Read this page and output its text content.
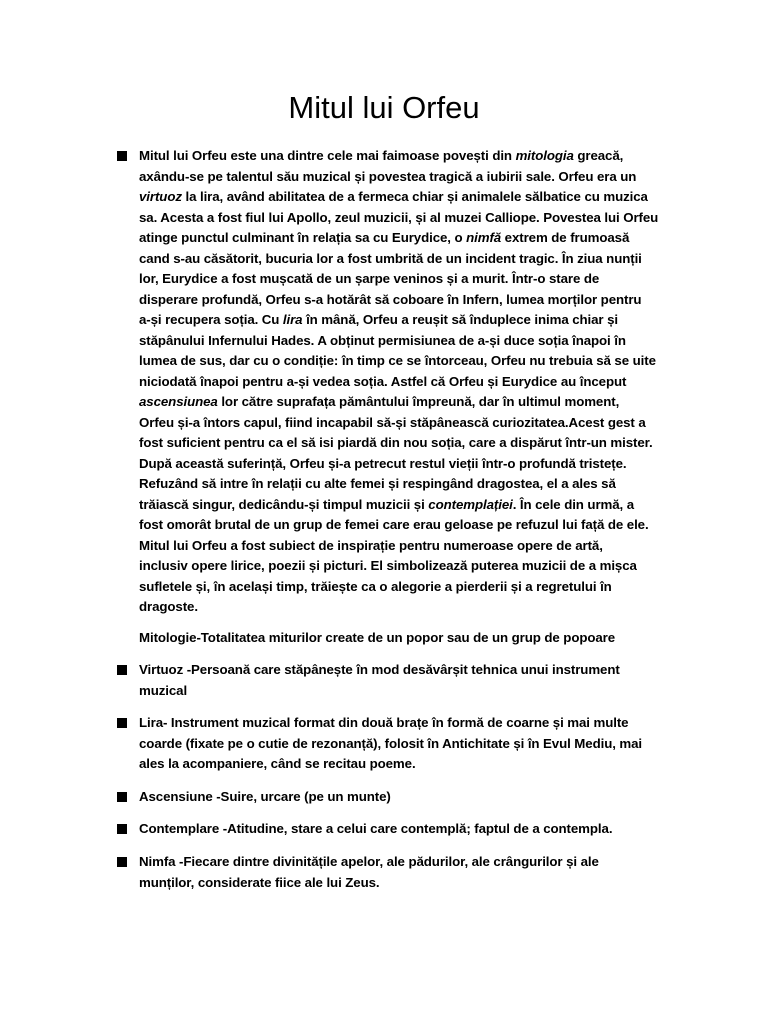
Mitul lui Orfeu
Mitul lui Orfeu este una dintre cele mai faimoase povești din mitologia greacă,
axându-se pe talentul său muzical și povestea tragică a iubirii sale. Orfeu era un
virtuoz la lira, având abilitatea de a fermeca chiar și animalele sălbatice cu muzica
sa. Acesta a fost fiul lui Apollo, zeul muzicii, și al muzei Calliope. Povestea lui Orfeu
atinge punctul culminant în relația sa cu Eurydice, o nimfă extrem de frumoasă
cand s-au căsătorit, bucuria lor a fost umbrită de un incident tragic. În ziua nunții
lor, Eurydice a fost mușcată de un șarpe veninos și a murit. Într-o stare de
disperare profundă, Orfeu s-a hotărât să coboare în Infern, lumea morților pentru
a-și recupera soția. Cu lira în mână, Orfeu a reușit să înduplece inima chiar și
stăpânului Infernului Hades. A obținut permisiunea de a-și duce soția înapoi în
lumea de sus, dar cu o condiție: în timp ce se întorceau, Orfeu nu trebuia să se uite
niciodată înapoi pentru a-și vedea soția. Astfel că Orfeu și Eurydice au început
ascensiunea lor către suprafața pământului împreună, dar în ultimul moment,
Orfeu și-a întors capul, fiind incapabil să-și stăpânească curiozitatea.Acest gest a
fost suficient pentru ca el să isi piardă din nou soția, care a dispărut într-un mister.
După această suferință, Orfeu și-a petrecut restul vieții într-o profundă tristețe.
Refuzând să intre în relații cu alte femei și respingând dragostea, el a ales să
trăiască singur, dedicându-și timpul muzicii și contemplației. În cele din urmă, a
fost omorât brutal de un grup de femei care erau geloase pe refuzul lui față de ele.
Mitul lui Orfeu a fost subiect de inspirație pentru numeroase opere de artă,
inclusiv opere lirice, poezii și picturi. El simbolizează puterea muzicii de a mișca
sufletele și, în același timp, trăiește ca o alegorie a pierderii și a regretului în
dragoste.
Mitologie-Totalitatea miturilor create de un popor sau de un grup de popoare
Virtuoz -Persoană care stăpânește în mod desăvârșit tehnica unui instrument
muzical
Lira- Instrument muzical format din două brațe în formă de coarne și mai multe
coarde (fixate pe o cutie de rezonanță), folosit în Antichitate și în Evul Mediu, mai
ales la acompaniere, când se recitau poeme.
Ascensiune -Suire, urcare (pe un munte)
Contemplare -Atitudine, stare a celui care contemplă; faptul de a contempla.
Nimfa -Fiecare dintre divinitățile apelor, ale pădurilor, ale crângurilor și ale
munților, considerate fiice ale lui Zeus.
